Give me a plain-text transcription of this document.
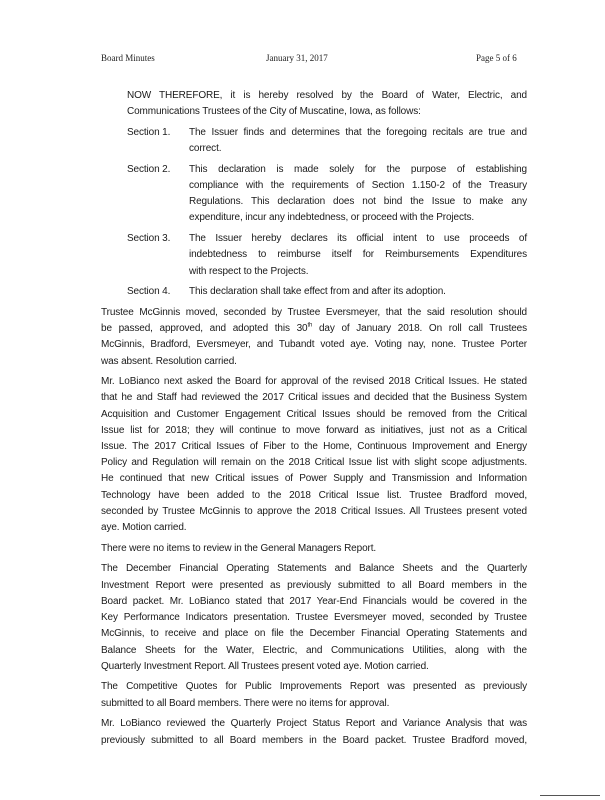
Board Minutes	January 31, 2017	Page 5 of 6
NOW THEREFORE, it is hereby resolved by the Board of Water, Electric, and
Communications Trustees of the City of Muscatine, Iowa, as follows:
Section 1.	The Issuer finds and determines that the foregoing recitals are true and
correct.
Section 2.	This declaration is made solely for the purpose of establishing
compliance with the requirements of Section 1.150-2 of the Treasury
Regulations. This declaration does not bind the Issue to make any
expenditure, incur any indebtedness, or proceed with the Projects.
Section 3.	The Issuer hereby declares its official intent to use proceeds of
indebtedness to reimburse itself for Reimbursements Expenditures
with respect to the Projects.
Section 4.	This declaration shall take effect from and after its adoption.
Trustee McGinnis moved, seconded by Trustee Eversmeyer, that the said resolution should
be passed, approved, and adopted this 30th day of January 2018. On roll call Trustees
McGinnis, Bradford, Eversmeyer, and Tubandt voted aye. Voting nay, none. Trustee Porter
was absent. Resolution carried.
Mr. LoBianco next asked the Board for approval of the revised 2018 Critical Issues. He stated
that he and Staff had reviewed the 2017 Critical issues and decided that the Business System
Acquisition and Customer Engagement Critical Issues should be removed from the Critical
Issue list for 2018; they will continue to move forward as initiatives, just not as a Critical
Issue. The 2017 Critical Issues of Fiber to the Home, Continuous Improvement and Energy
Policy and Regulation will remain on the 2018 Critical Issue list with slight scope adjustments.
He continued that new Critical issues of Power Supply and Transmission and Information
Technology have been added to the 2018 Critical Issue list. Trustee Bradford moved,
seconded by Trustee McGinnis to approve the 2018 Critical Issues. All Trustees present voted
aye. Motion carried.
There were no items to review in the General Managers Report.
The December Financial Operating Statements and Balance Sheets and the Quarterly
Investment Report were presented as previously submitted to all Board members in the
Board packet. Mr. LoBianco stated that 2017 Year-End Financials would be covered in the
Key Performance Indicators presentation. Trustee Eversmeyer moved, seconded by Trustee
McGinnis, to receive and place on file the December Financial Operating Statements and
Balance Sheets for the Water, Electric, and Communications Utilities, along with the
Quarterly Investment Report. All Trustees present voted aye. Motion carried.
The Competitive Quotes for Public Improvements Report was presented as previously
submitted to all Board members. There were no items for approval.
Mr. LoBianco reviewed the Quarterly Project Status Report and Variance Analysis that was
previously submitted to all Board members in the Board packet. Trustee Bradford moved,
